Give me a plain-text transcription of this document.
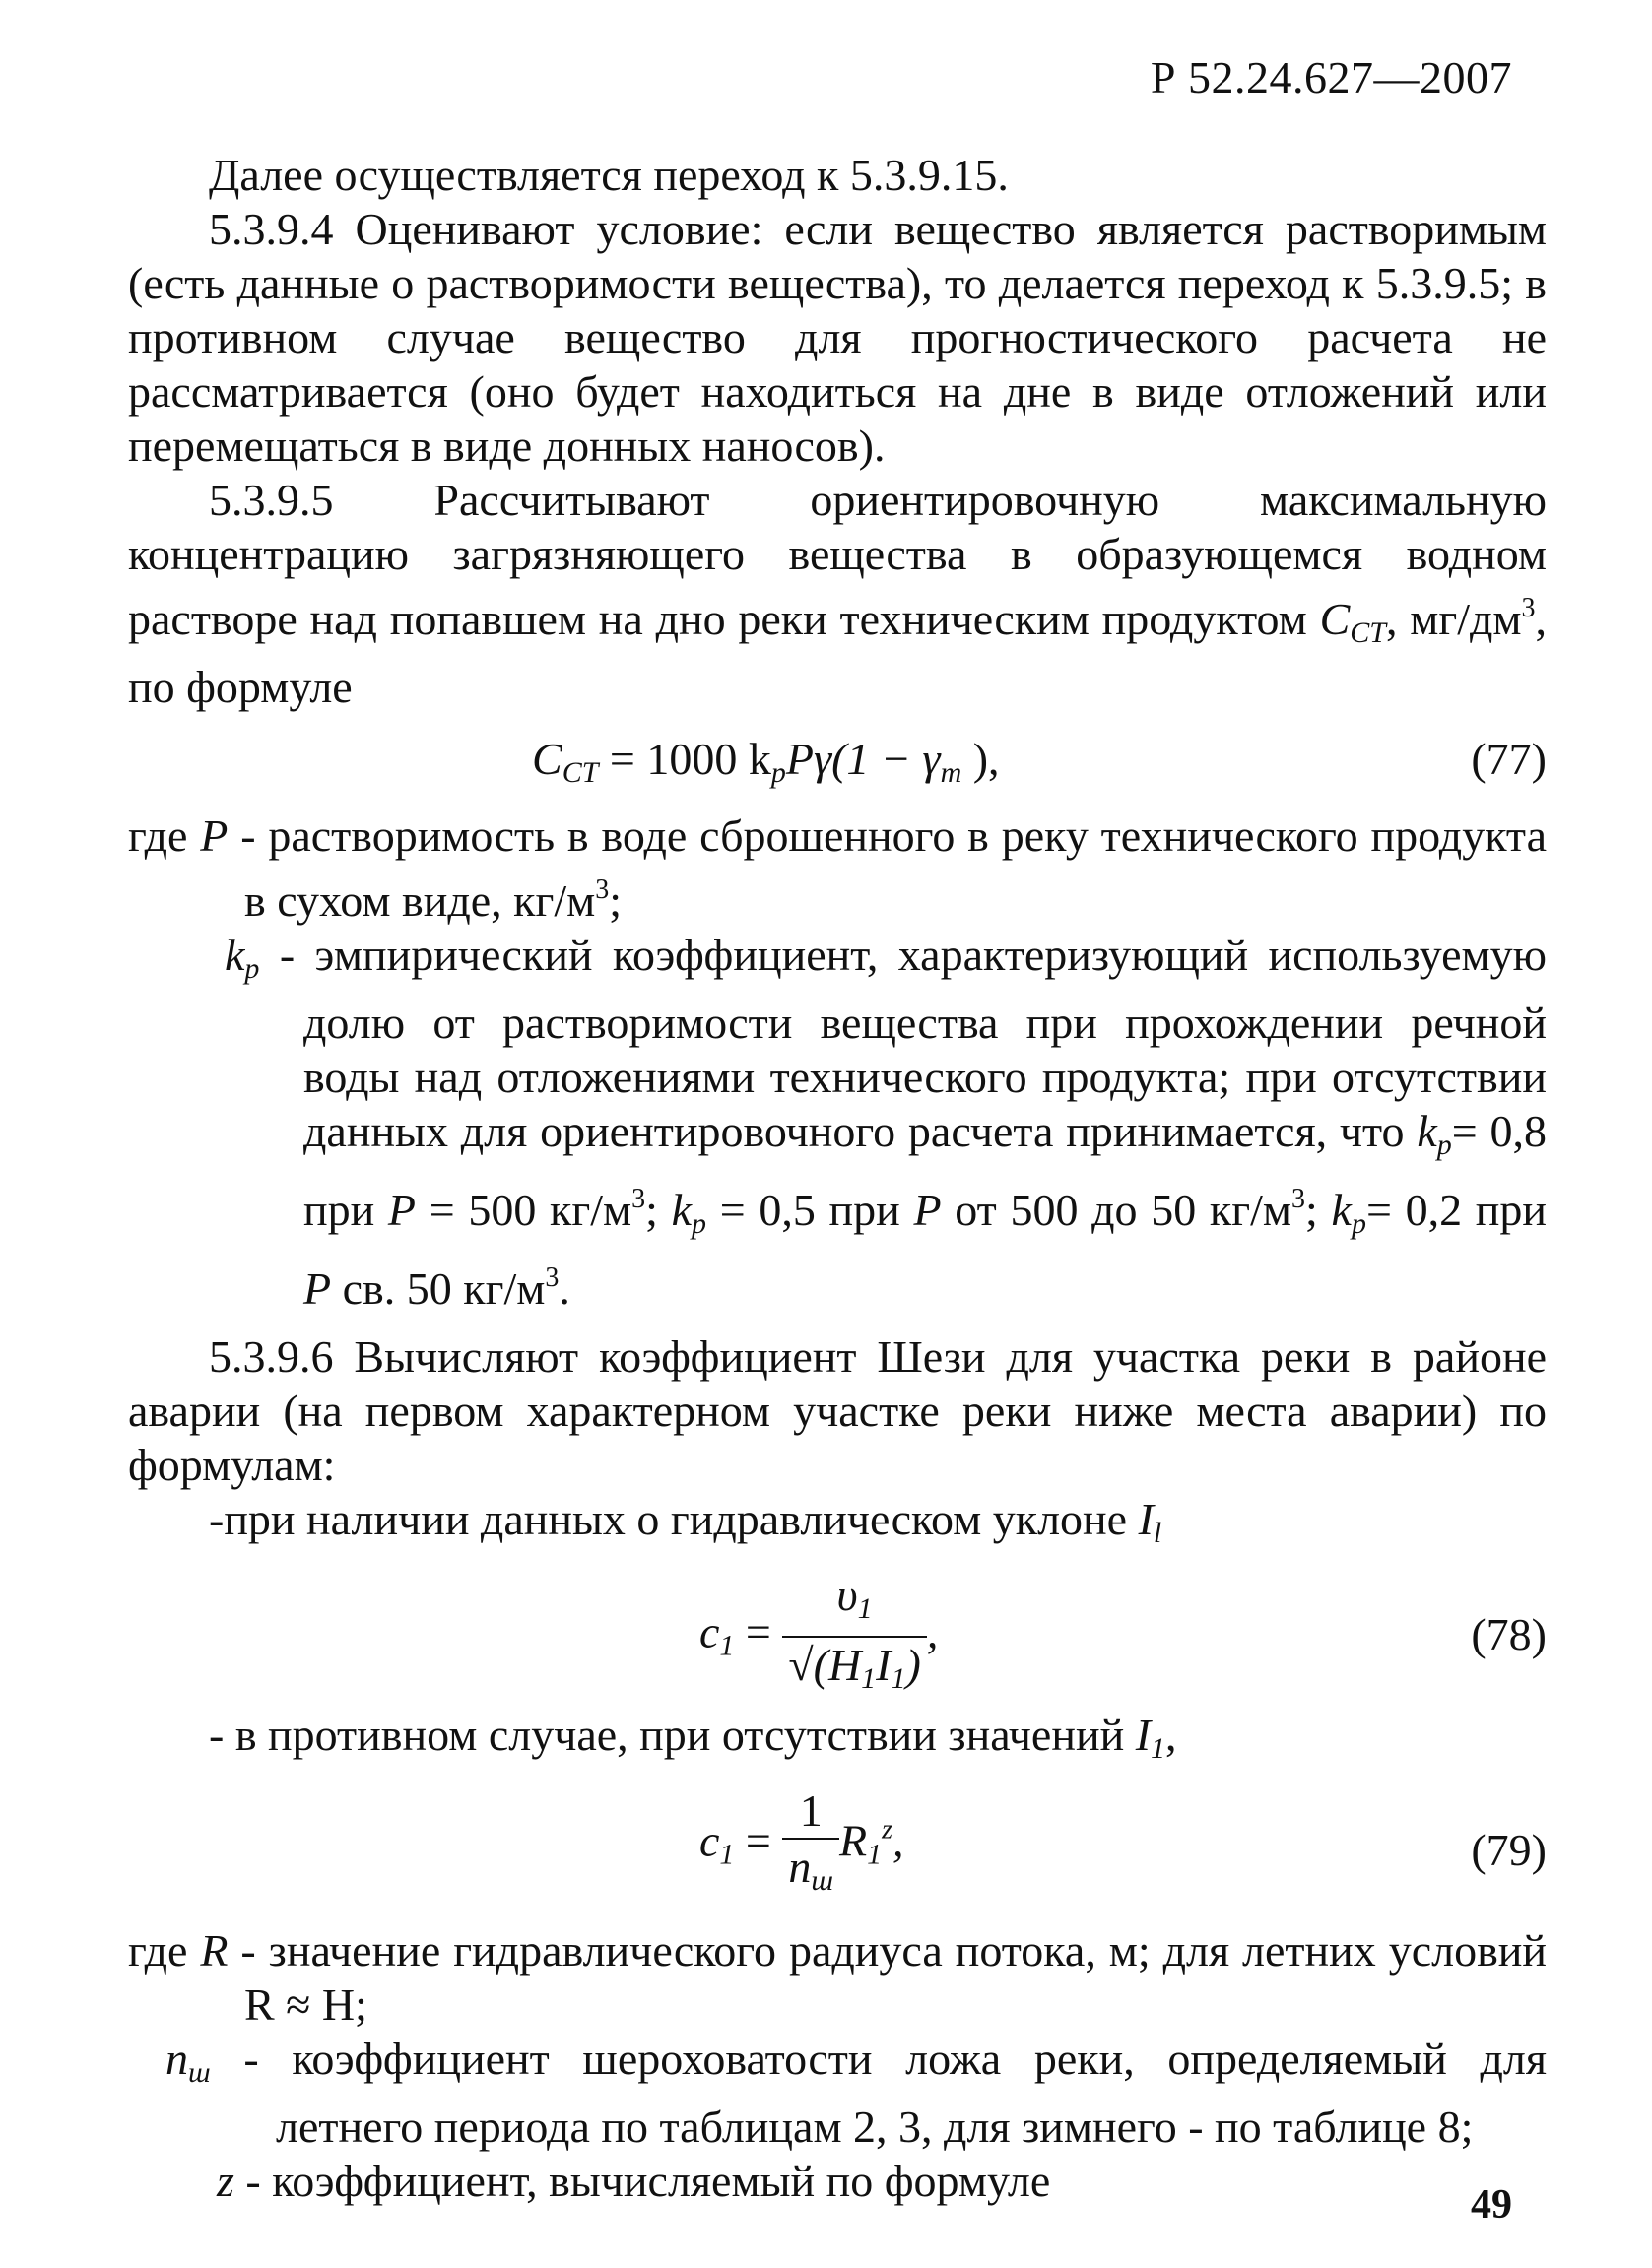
Р 52.24.627—2007

Далее осуществляется переход к 5.3.9.15.

5.3.9.4 Оценивают условие: если вещество является растворимым (есть данные о растворимости вещества), то делается переход к 5.3.9.5; в противном случае вещество для прогностического расчета не рассматривается (оно будет находиться на дне в виде отложений или перемещаться в виде донных наносов).

5.3.9.5 Рассчитывают ориентировочную максимальную концентрацию загрязняющего вещества в образующемся водном растворе над попавшем на дно реки техническим продуктом $C_{СТ}$, $мг/дм^3$, по формуле

$C_{CT} = 1000$ $k_pP\gamma(1 - \gamma_m$ ),	(77)
где P - растворимость в воде сброшенного в реку технического продукта в сухом виде, $кг/м^3$;
$k_p$ - эмпирический коэффициент, характеризующий используемую долю от растворимости вещества при прохождении речной воды над отложениями технического продукта; при отсутствии данных для ориентировочного расчета принимается, что $k_p= 0,8$ при P = 500 $кг/м^3$; $k_p = 0,5$ при P от 500 до 50 $кг/м^3$; $k_p= 0,2$ при P св. 50 $кг/м^3$.

5.3.9.6 Вычисляют коэффициент Шези для участка реки в районе аварии (на первом характерном участке реки ниже места аварии) по формулам:

-при наличии данных о гидравлическом уклоне $I_l$

$c_1 = \frac{\upsilon_1}{√(H_1I_1)}$ ,	(78)

- в противном случае, при отсутствии значений $I_1$,

$c_1 = \frac{1}{n_ш} R_1^z$,	(79)
где R - значение гидравлического радиуса потока, м; для летних условий R ≈ H;
$n_ш$ - коэффициент шероховатости ложа реки, определяемый для летнего периода по таблицам 2, 3, для зимнего - по таблице 8;
z - коэффициент, вычисляемый по формуле	49
